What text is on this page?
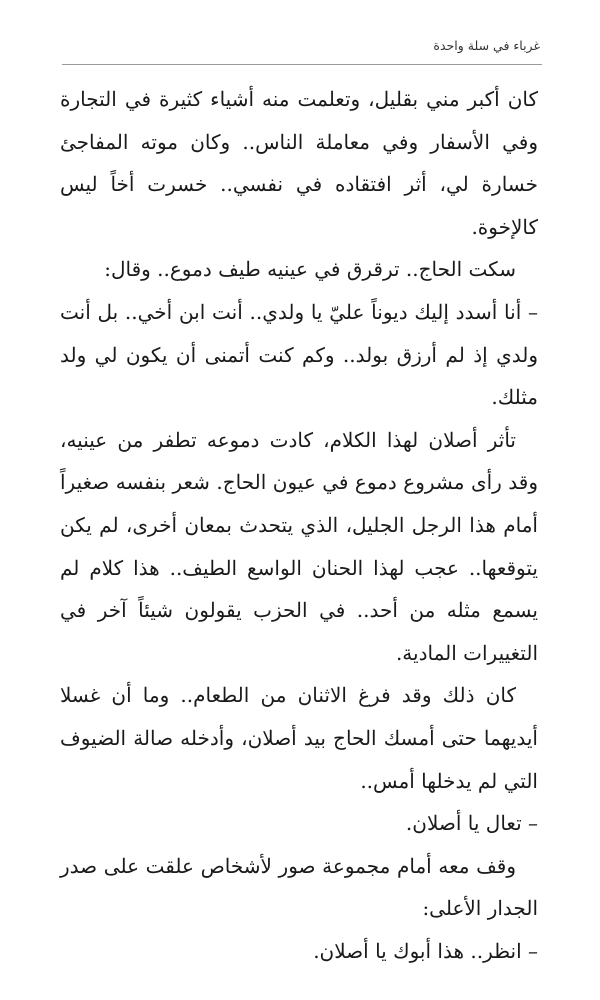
غرباء في سلة واحدة

كان أكبر مني بقليل، وتعلمت منه أشياء كثيرة في التجارة وفي الأسفار وفي معاملة الناس.. وكان موته المفاجئ خسارة لي، أثر افتقاده في نفسي.. خسرت أخاً ليس كالإخوة.

سكت الحاج.. ترقرق في عينيه طيف دموع.. وقال:

– أنا أسدد إليك ديوناً عليّ يا ولدي.. أنت ابن أخي.. بل أنت ولدي إذ لم أرزق بولد.. وكم كنت أتمنى أن يكون لي ولد مثلك.

تأثر أصلان لهذا الكلام، كادت دموعه تطفر من عينيه، وقد رأى مشروع دموع في عيون الحاج. شعر بنفسه صغيراً أمام هذا الرجل الجليل، الذي يتحدث بمعان أخرى، لم يكن يتوقعها.. عجب لهذا الحنان الواسع الطيف.. هذا كلام لم يسمع مثله من أحد.. في الحزب يقولون شيئاً آخر في التغييرات المادية.

كان ذلك وقد فرغ الاثنان من الطعام.. وما أن غسلا أيديهما حتى أمسك الحاج بيد أصلان، وأدخله صالة الضيوف التي لم يدخلها أمس..

– تعال يا أصلان.

وقف معه أمام مجموعة صور لأشخاص علقت على صدر الجدار الأعلى:

– انظر.. هذا أبوك يا أصلان.
